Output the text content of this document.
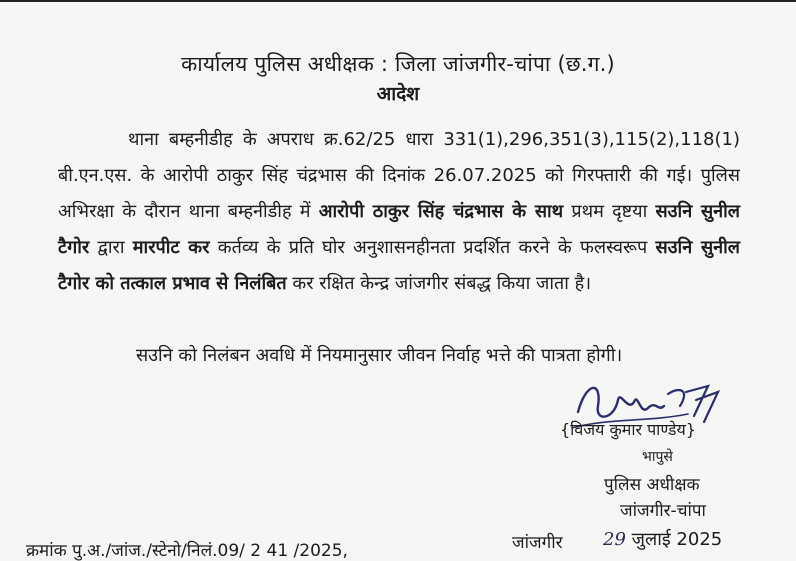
कार्यालय पुलिस अधीक्षक : जिला जांजगीर-चांपा (छ.ग.)
आदेश
थाना बम्हनीडीह के अपराध क्र.62/25 धारा 331(1),296,351(3),115(2),118(1) बी.एन.एस. के आरोपी ठाकुर सिंह चंद्रभास की दिनांक 26.07.2025 को गिरफ्तारी की गई। पुलिस अभिरक्षा के दौरान थाना बम्हनीडीह में आरोपी ठाकुर सिंह चंद्रभास के साथ प्रथम दृष्टया सउनि सुनील टैगोर द्वारा मारपीट कर कर्तव्य के प्रति घोर अनुशासनहीनता प्रदर्शित करने के फलस्वरूप सउनि सुनील टैगोर को तत्काल प्रभाव से निलंबित कर रक्षित केन्द्र जांजगीर संबद्ध किया जाता है।
सउनि को निलंबन अवधि में नियमानुसार जीवन निर्वाह भत्ते की पात्रता होगी।
{विजय कुमार पाण्डेय}
भापुसे
पुलिस अधीक्षक
जांजगीर-चांपा
क्रमांक पु.अ./जांज./स्टेनो/निलं.09/ 2 41 /2025,	जांजगीर 29 जुलाई 2025
